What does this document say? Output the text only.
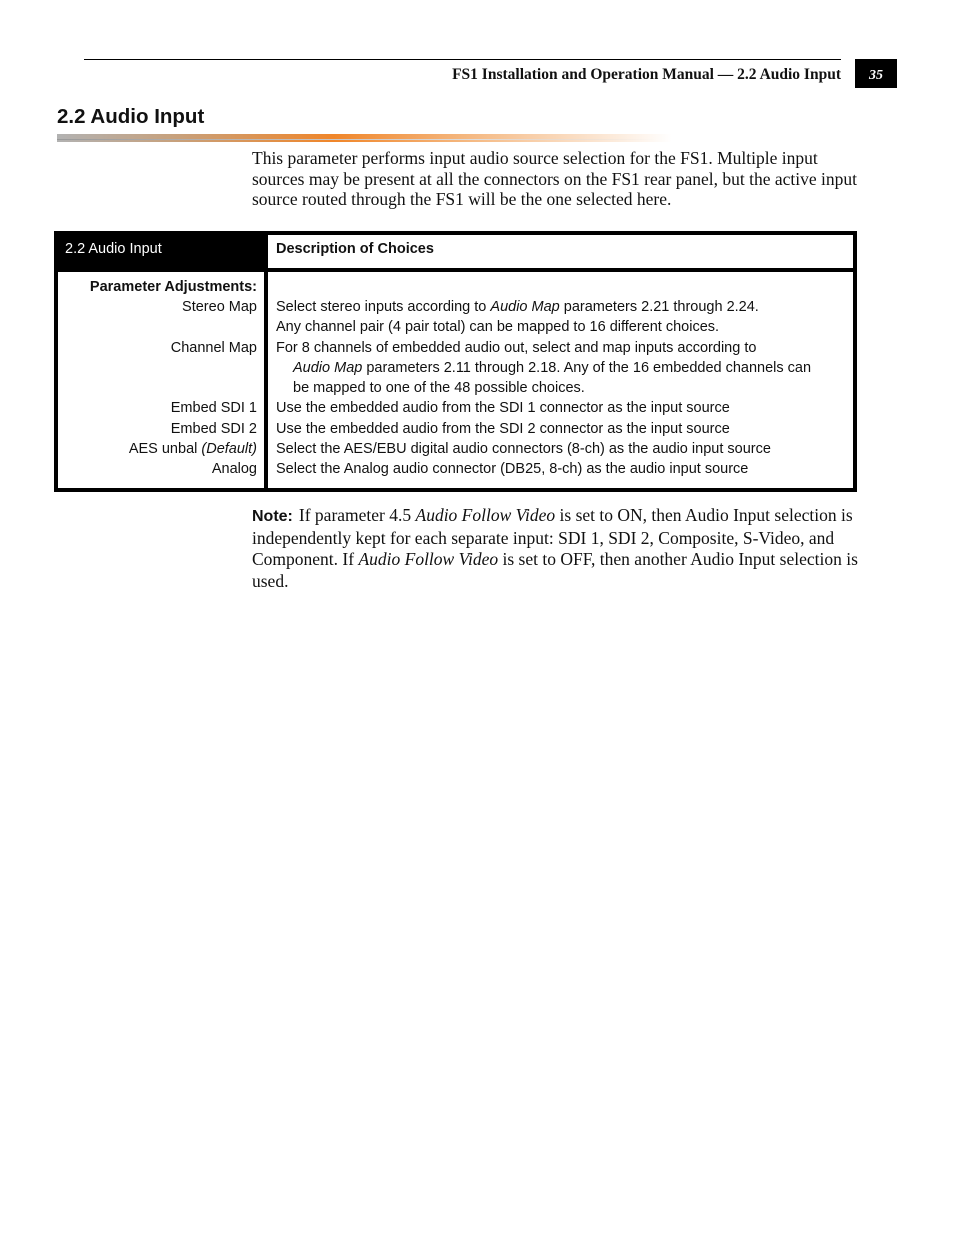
FS1 Installation and Operation Manual — 2.2 Audio Input	35
2.2 Audio Input
This parameter performs input audio source selection for the FS1. Multiple input sources may be present at all the connectors on the FS1 rear panel, but the active input source routed through the FS1 will be the one selected here.
2.2 Audio Input	Description of Choices
Parameter Adjustments:
Stereo Map
Channel Map
Embed SDI 1
Embed SDI 2
AES unbal (Default)
Analog
Select stereo inputs according to Audio Map parameters 2.21 through 2.24.
Any channel pair (4 pair total) can be mapped to 16 different choices.
For 8 channels of embedded audio out, select and map inputs according to
Audio Map parameters 2.11 through 2.18. Any of the 16 embedded channels can
be mapped to one of the 48 possible choices.
Use the embedded audio from the SDI 1 connector as the input source
Use the embedded audio from the SDI 2 connector as the input source
Select the AES/EBU digital audio connectors (8-ch) as the audio input source
Select the Analog audio connector (DB25, 8-ch) as the audio input source
Note: If parameter 4.5 Audio Follow Video is set to ON, then Audio Input selection is independently kept for each separate input: SDI 1, SDI 2, Composite, S-Video, and Component. If Audio Follow Video is set to OFF, then another Audio Input selection is used.
